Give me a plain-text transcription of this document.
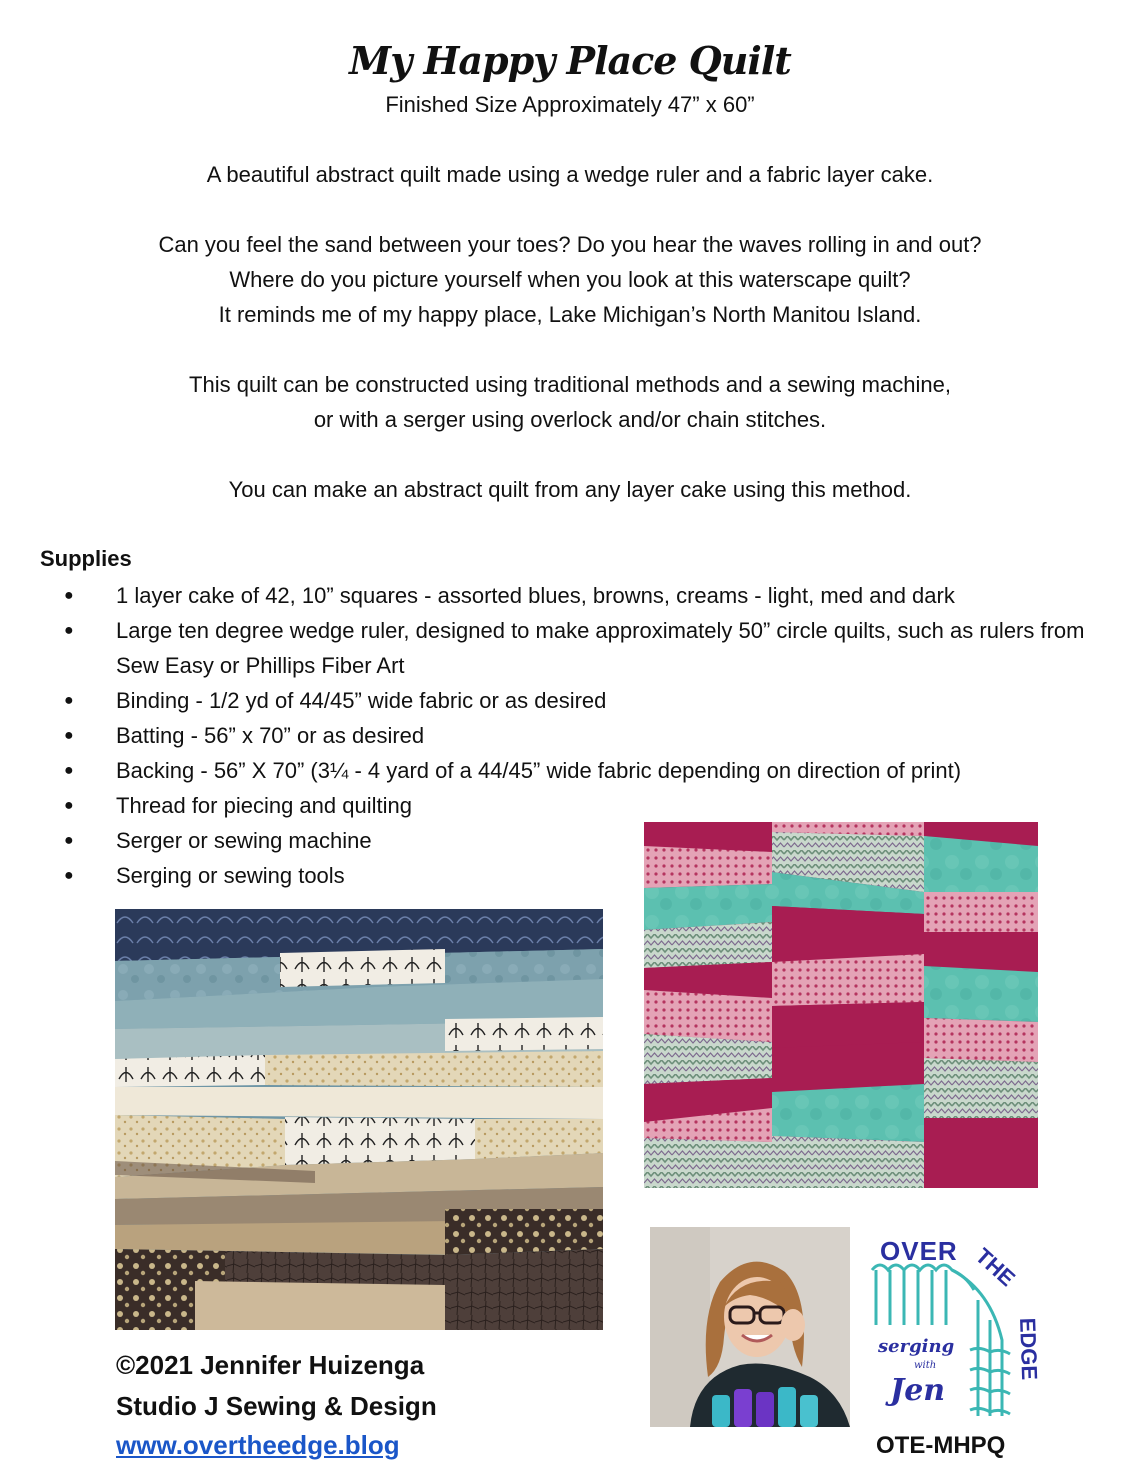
My Happy Place Quilt
Finished Size Approximately 47” x 60”
A beautiful abstract quilt made using a wedge ruler and a fabric layer cake.
Can you feel the sand between your toes? Do you hear the waves rolling in and out?
Where do you picture yourself when you look at this waterscape quilt?
It reminds me of my happy place, Lake Michigan’s North Manitou Island.
This quilt can be constructed using traditional methods and a sewing machine,
or with a serger using overlock and/or chain stitches.
You can make an abstract quilt from any layer cake using this method.
Supplies
● 1 layer cake of 42, 10” squares - assorted blues, browns, creams - light, med and dark
● Large ten degree wedge ruler, designed to make approximately 50” circle quilts, such as rulers from Sew Easy or Phillips Fiber Art
● Binding - 1/2 yd of 44/45” wide fabric or as desired
● Batting - 56” x 70” or as desired
● Backing - 56” X 70” (3¼ - 4 yard of a 44/45” wide fabric depending on direction of print)
● Thread for piecing and quilting
● Serger or sewing machine
● Serging or sewing tools
OVER THE
EDGE
serging
with
Jen
©2021 Jennifer Huizenga
Studio J Sewing & Design
www.overtheedge.blog	OTE-MHPQ
